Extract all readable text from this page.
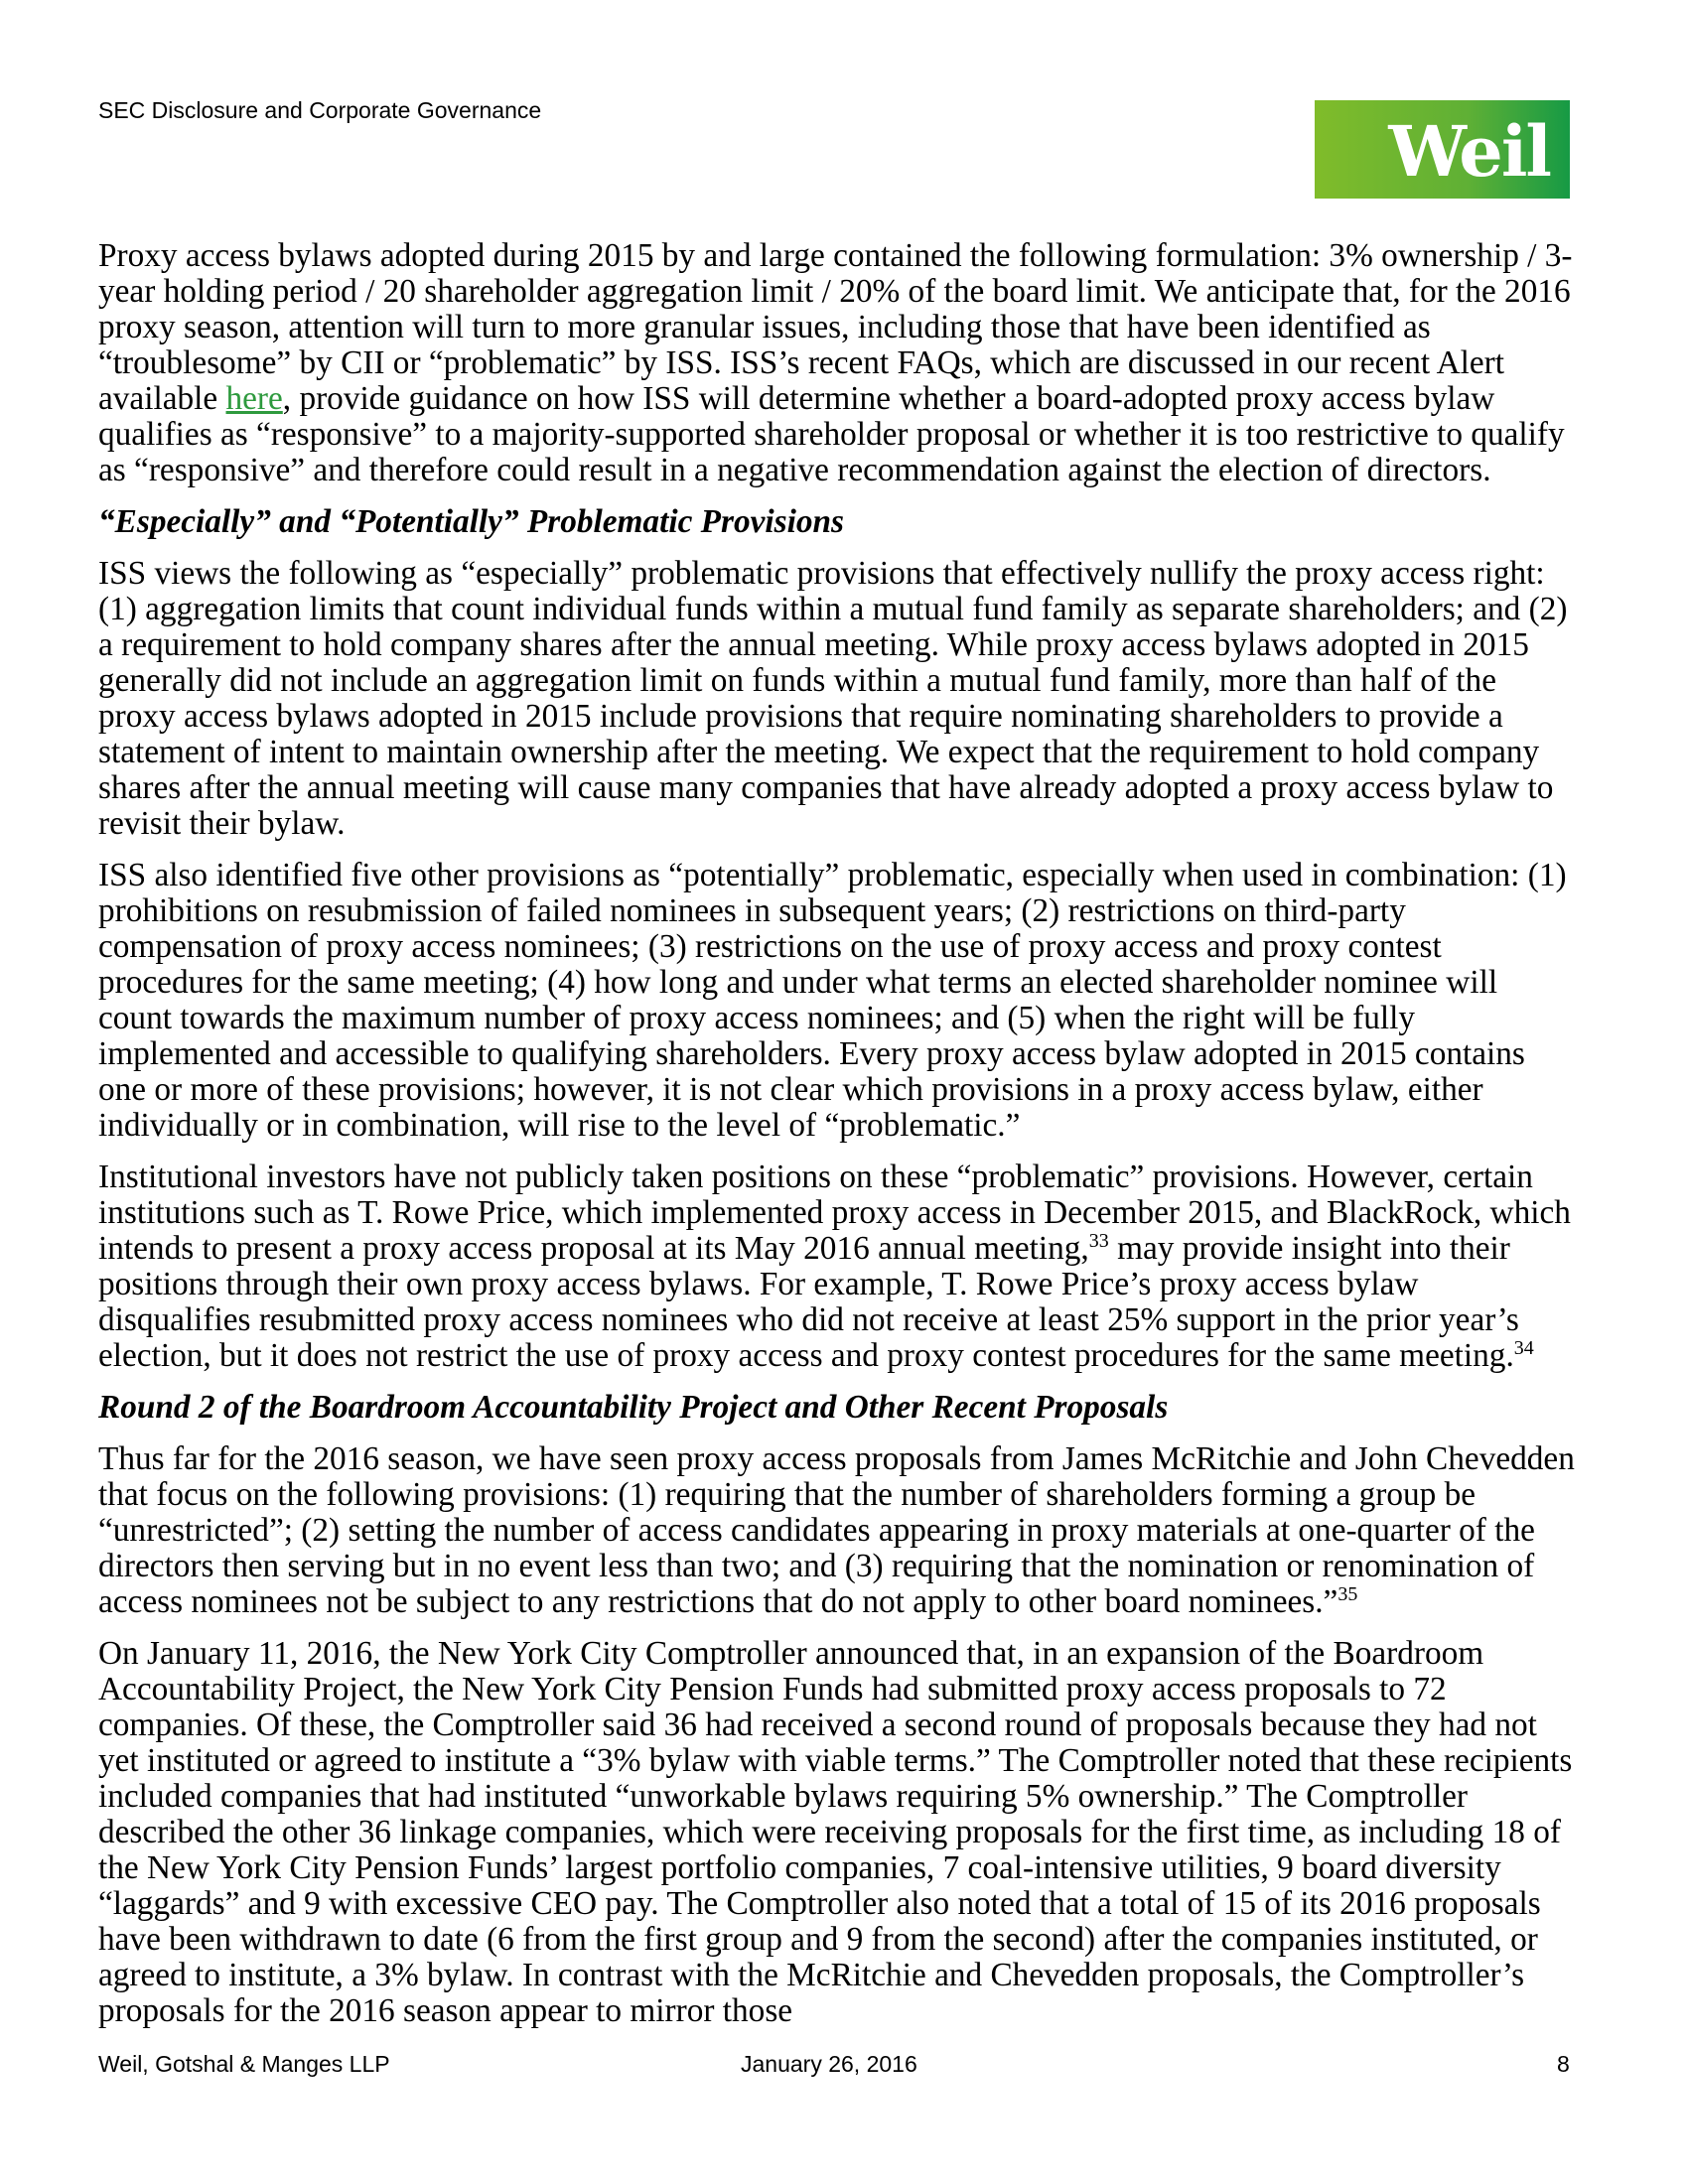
SEC Disclosure and Corporate Governance	Weil

Proxy access bylaws adopted during 2015 by and large contained the following formulation: 3% ownership / 3-year holding period / 20 shareholder aggregation limit / 20% of the board limit. We anticipate that, for the 2016 proxy season, attention will turn to more granular issues, including those that have been identified as “troublesome” by CII or “problematic” by ISS. ISS’s recent FAQs, which are discussed in our recent Alert available here, provide guidance on how ISS will determine whether a board-adopted proxy access bylaw qualifies as “responsive” to a majority-supported shareholder proposal or whether it is too restrictive to qualify as “responsive” and therefore could result in a negative recommendation against the election of directors.

“Especially” and “Potentially” Problematic Provisions

ISS views the following as “especially” problematic provisions that effectively nullify the proxy access right: (1) aggregation limits that count individual funds within a mutual fund family as separate shareholders; and (2) a requirement to hold company shares after the annual meeting. While proxy access bylaws adopted in 2015 generally did not include an aggregation limit on funds within a mutual fund family, more than half of the proxy access bylaws adopted in 2015 include provisions that require nominating shareholders to provide a statement of intent to maintain ownership after the meeting. We expect that the requirement to hold company shares after the annual meeting will cause many companies that have already adopted a proxy access bylaw to revisit their bylaw.

ISS also identified five other provisions as “potentially” problematic, especially when used in combination: (1) prohibitions on resubmission of failed nominees in subsequent years; (2) restrictions on third-party compensation of proxy access nominees; (3) restrictions on the use of proxy access and proxy contest procedures for the same meeting; (4) how long and under what terms an elected shareholder nominee will count towards the maximum number of proxy access nominees; and (5) when the right will be fully implemented and accessible to qualifying shareholders. Every proxy access bylaw adopted in 2015 contains one or more of these provisions; however, it is not clear which provisions in a proxy access bylaw, either individually or in combination, will rise to the level of “problematic.”

Institutional investors have not publicly taken positions on these “problematic” provisions. However, certain institutions such as T. Rowe Price, which implemented proxy access in December 2015, and BlackRock, which intends to present a proxy access proposal at its May 2016 annual meeting,$^{33}$ may provide insight into their positions through their own proxy access bylaws. For example, T. Rowe Price’s proxy access bylaw disqualifies resubmitted proxy access nominees who did not receive at least 25% support in the prior year’s election, but it does not restrict the use of proxy access and proxy contest procedures for the same meeting.$^{34}$

Round 2 of the Boardroom Accountability Project and Other Recent Proposals

Thus far for the 2016 season, we have seen proxy access proposals from James McRitchie and John Chevedden that focus on the following provisions: (1) requiring that the number of shareholders forming a group be “unrestricted”; (2) setting the number of access candidates appearing in proxy materials at one-quarter of the directors then serving but in no event less than two; and (3) requiring that the nomination or renomination of access nominees not be subject to any restrictions that do not apply to other board nominees.”$^{35}$

On January 11, 2016, the New York City Comptroller announced that, in an expansion of the Boardroom Accountability Project, the New York City Pension Funds had submitted proxy access proposals to 72 companies. Of these, the Comptroller said 36 had received a second round of proposals because they had not yet instituted or agreed to institute a “3% bylaw with viable terms.” The Comptroller noted that these recipients included companies that had instituted “unworkable bylaws requiring 5% ownership.” The Comptroller described the other 36 linkage companies, which were receiving proposals for the first time, as including 18 of the New York City Pension Funds’ largest portfolio companies, 7 coal-intensive utilities, 9 board diversity “laggards” and 9 with excessive CEO pay. The Comptroller also noted that a total of 15 of its 2016 proposals have been withdrawn to date (6 from the first group and 9 from the second) after the companies instituted, or agreed to institute, a 3% bylaw. In contrast with the McRitchie and Chevedden proposals, the Comptroller’s proposals for the 2016 season appear to mirror those

Weil, Gotshal & Manges LLP	January 26, 2016	8
